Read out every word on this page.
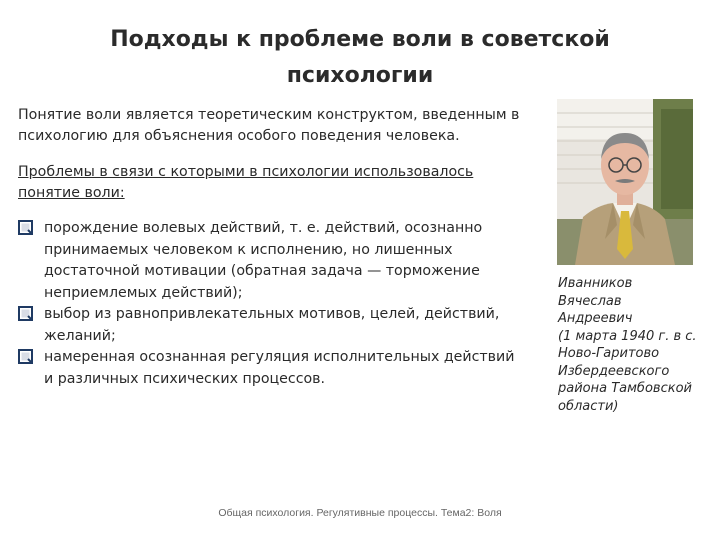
Подходы к проблеме воли в советской психологии
Понятие воли является теоретическим конструктом, введенным в психологию для объяснения особого поведения человека.
Проблемы в связи с которыми в психологии использовалось понятие воли:
порождение волевых действий, т. е. действий, осознанно принимаемых человеком к исполнению, но лишенных достаточной мотивации (обратная задача — торможение неприемлемых действий);
выбор из равнопривлекательных мотивов, целей, действий, желаний;
намеренная осознанная регуляция исполнительных действий и различных психических процессов.
Иванников
Вячеслав
Андреевич
(1 марта 1940 г. в с.
Ново-Гаритово
Избердеевского
района Тамбовской
области)
Общая психология. Регулятивные процессы. Тема2: Воля
